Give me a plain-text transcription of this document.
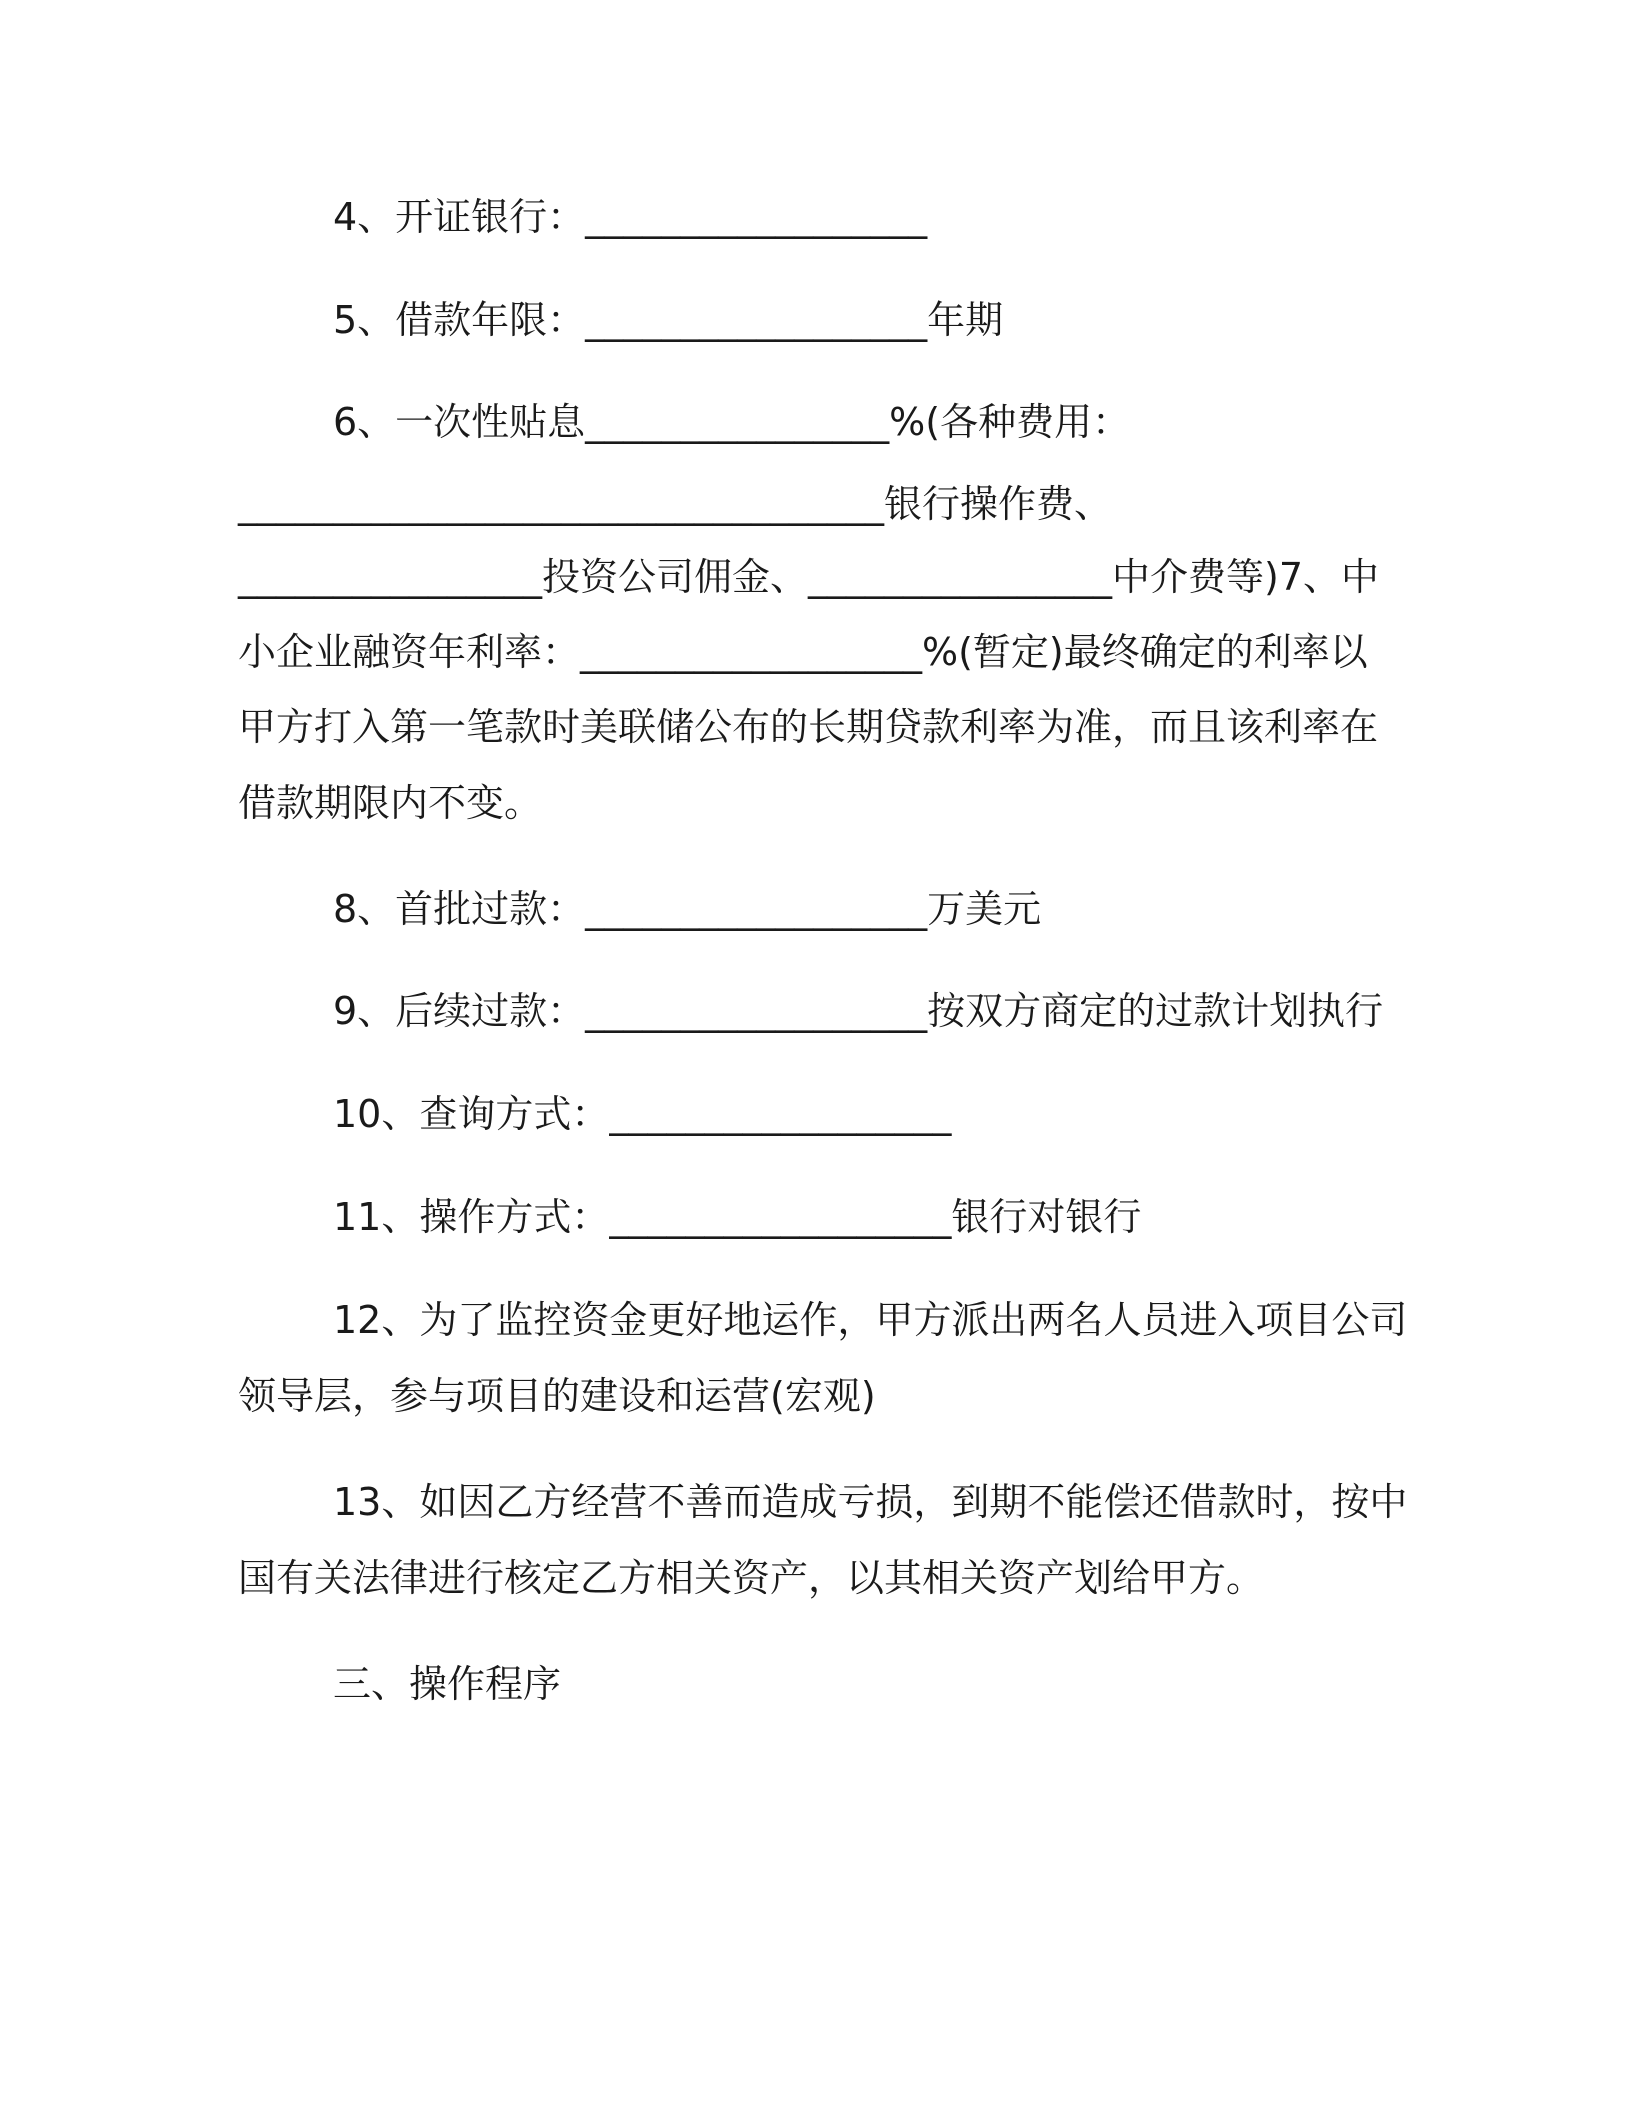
4、开证银行：__________________

5、借款年限：__________________年期

6、一次性贴息________________%(各种费用：

__________________________________银行操作费、

________________投资公司佣金、________________中介费等)7、中

小企业融资年利率：__________________%(暂定)最终确定的利率以

甲方打入第一笔款时美联储公布的长期贷款利率为准，而且该利率在

借款期限内不变。

8、首批过款：__________________万美元

9、后续过款：__________________按双方商定的过款计划执行

10、查询方式：__________________

11、操作方式：__________________银行对银行

12、为了监控资金更好地运作，甲方派出两名人员进入项目公司

领导层，参与项目的建设和运营(宏观)

13、如因乙方经营不善而造成亏损，到期不能偿还借款时，按中

国有关法律进行核定乙方相关资产，以其相关资产划给甲方。

三、操作程序
